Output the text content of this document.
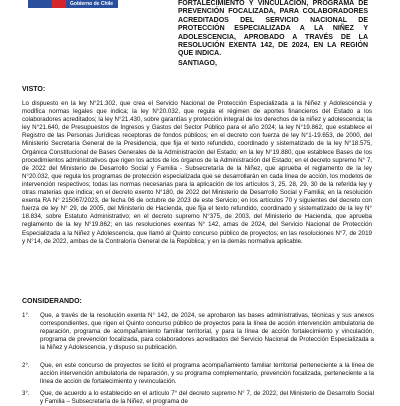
Gobierno de Chile	FORTALECIMIENTO Y VINCULACIÓN, PROGRAMA DE PREVENCIÓN FOCALIZADA, PARA COLABORADORES ACREDITADOS DEL SERVICIO NACIONAL DE PROTECCIÓN ESPECIALIZADA A LA NIÑEZ Y ADOLESCENCIA, APROBADO A TRAVÉS DE LA RESOLUCIÓN EXENTA 142, DE 2024, EN LA REGIÓN QUE INDICA.
SANTIAGO,
VISTO:
Lo dispuesto en la ley N°21.302, que crea el Servicio Nacional de Protección Especializada a la Niñez y Adolescencia y modifica normas legales que indica; la ley N°20.032, que regula el régimen de aportes financieros del Estado a los colaboradores acreditados; la ley N°21.430, sobre garantías y protección integral de los derechos de la niñez y adolescencia; la ley N°21.640, de Presupuestos de Ingresos y Gastos del Sector Público para el año 2024; la ley N°19.862, que establece el Registro de las Personas Jurídicas receptoras de fondos públicos; en el decreto con fuerza de ley N°1-19.653, de 2000, del Ministerio Secretaría General de la Presidencia, que fija el texto refundido, coordinado y sistematizado de la ley N°18.575, Orgánica Constitucional de Bases Generales de la Administración del Estado; en la ley N°19.880, que establece Bases de los procedimientos administrativos que rigen los actos de los órganos de la Administración del Estado; en el decreto supremo N° 7, de 2022 del Ministerio de Desarrollo Social y Familia - Subsecretaría de la Niñez, que aprueba el reglamento de la ley N°20.032, que regula los programas de protección especializada que se desarrollarán en cada línea de acción, los modelos de intervención respectivos; todas las normas necesarias para la aplicación de los artículos 3, 25, 28, 29, 30 de la referida ley y otras materias que indica; en el decreto exento N°180, de 2022 del Ministerio de Desarrollo Social y Familia; en la resolución exenta RA N° 215067/2023, de fecha 06 de octubre de 2023 de este Servicio; en los artículos 70 y siguientes del decreto con fuerza de ley N° 29, de 2005, del Ministerio de Hacienda, que fija el texto refundido, coordinado y sistematizado de la ley N° 18.834, sobre Estatuto Administrativo; en el decreto supremo N°375, de 2003, del Ministerio de Hacienda, que aprueba reglamento de la ley N°19.862; en las resoluciones exentas N° 142, amas de 2024, del Servicio Nacional de Protección Especializada a la Niñez y Adolescencia, que llamó al Quinto concurso público de proyectos; en las resoluciones N°7, de 2019 y N°14, de 2022, ambas de la Contraloría General de la República; y en la demás normativa aplicable.
CONSIDERANDO:
1°.	Que, a través de la resolución exenta N° 142, de 2024, se aprobaron las bases administrativas, técnicas y sus anexos correspondientes, que rigen el Quinto concurso público de proyectos para la línea de acción intervención ambulatoria de reparación, programa de acompañamiento familiar territorial, y para la línea de acción fortalecimiento y vinculación, programa de prevención focalizada, para colaboradores acreditados del Servicio Nacional de Protección Especializada a la Niñez y Adolescencia, y dispuso su publicación.
2°.	Que, en este concurso de proyectos se licitó el programa acompañamiento familiar territorial perteneciente a la línea de acción intervención ambulatoria de reparación, y su programa complementario, prevención focalizada, perteneciente a la línea de acción de fortalecimiento y revinculación.
3°.	Que, de acuerdo a lo establecido en el artículo 7° del decreto supremo N° 7, de 2022, del Ministerio de Desarrollo Social y Familia – Subsecretaría de la Niñez, el programa de
